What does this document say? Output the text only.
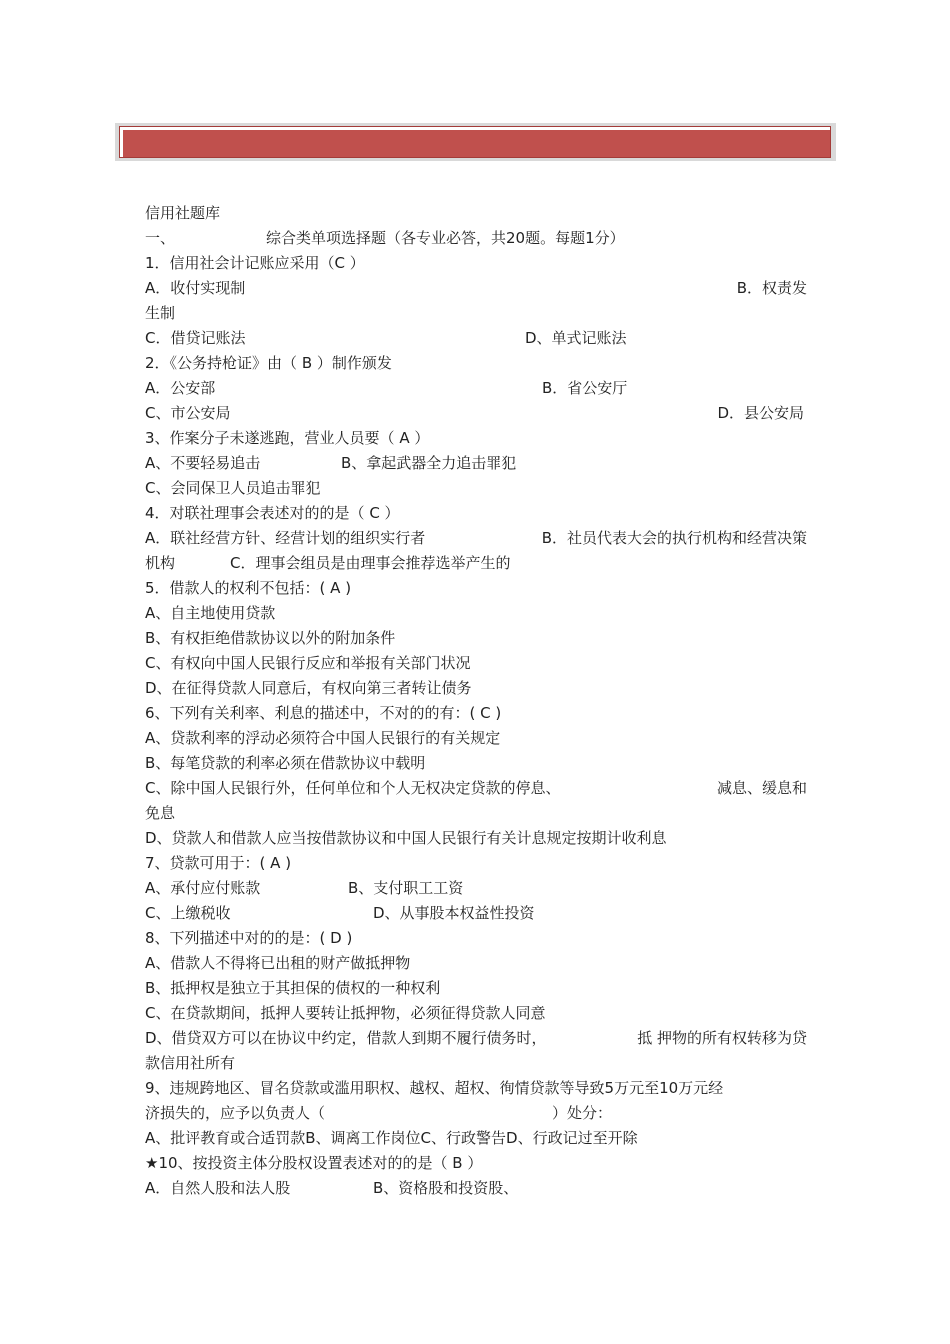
信用社题库
一、	综合类单项选择题（各专业必答，共20题。每题1分）
1．信用社会计记账应采用（C ）
A．收付实现制	B．权责发
生制
C．借贷记账法	D、单式记账法
2．《公务持枪证》由（ B ）制作颁发
A．公安部	B．省公安厅
C、市公安局	D．县公安局
3、作案分子未遂逃跑，营业人员要（ A ）
A、不要轻易追击	B、拿起武器全力追击罪犯
C、会同保卫人员追击罪犯
4．对联社理事会表述对的的是（ C ）
A．联社经营方针、经营计划的组织实行者	B．社员代表大会的执行机构和经营决策
机构	C．理事会组员是由理事会推荐选举产生的
5．借款人的权利不包括：( A )
A、自主地使用贷款
B、有权拒绝借款协议以外的附加条件
C、有权向中国人民银行反应和举报有关部门状况
D、在征得贷款人同意后，有权向第三者转让债务
6、下列有关利率、利息的描述中，不对的的有：( C )
A、贷款利率的浮动必须符合中国人民银行的有关规定
B、每笔贷款的利率必须在借款协议中载明
C、除中国人民银行外，任何单位和个人无权决定贷款的停息、	减息、缓息和
免息
D、贷款人和借款人应当按借款协议和中国人民银行有关计息规定按期计收利息
7、贷款可用于：( A )
A、承付应付账款	B、支付职工工资
C、上缴税收	D、从事股本权益性投资
8、下列描述中对的的是：( D )
A、借款人不得将已出租的财产做抵押物
B、抵押权是独立于其担保的债权的一种权利
C、在贷款期间，抵押人要转让抵押物，必须征得贷款人同意
D、借贷双方可以在协议中约定，借款人到期不履行债务时，	抵 押物的所有权转移为贷
款信用社所有
9、违规跨地区、冒名贷款或滥用职权、越权、超权、徇情贷款等导致5万元至10万元经
济损失的，应予以负责人（	）处分：
A、批评教育或合适罚款B、调离工作岗位C、行政警告D、行政记过至开除
★10、按投资主体分股权设置表述对的的是（ B ）
A．自然人股和法人股	B、资格股和投资股、
